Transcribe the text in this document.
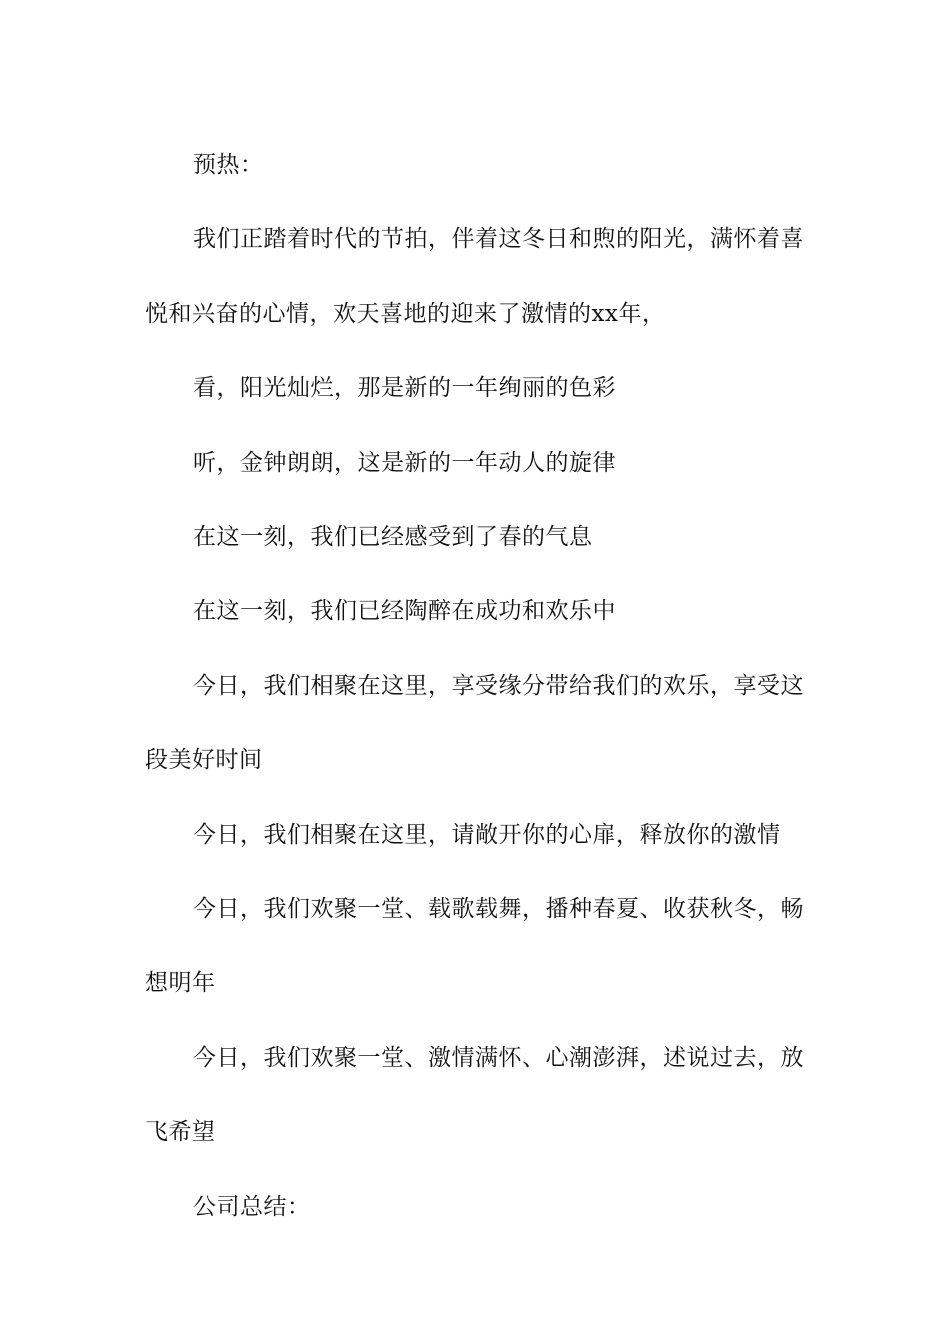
预热：

我们正踏着时代的节拍，伴着这冬日和煦的阳光，满怀着喜悦和兴奋的心情，欢天喜地的迎来了激情的xx年，

看，阳光灿烂，那是新的一年绚丽的色彩

听，金钟朗朗，这是新的一年动人的旋律

在这一刻，我们已经感受到了春的气息

在这一刻，我们已经陶醉在成功和欢乐中

今日，我们相聚在这里，享受缘分带给我们的欢乐，享受这段美好时间

今日，我们相聚在这里，请敞开你的心扉，释放你的激情

今日，我们欢聚一堂、载歌载舞，播种春夏、收获秋冬，畅想明年

今日，我们欢聚一堂、激情满怀、心潮澎湃，述说过去，放飞希望

公司总结：
